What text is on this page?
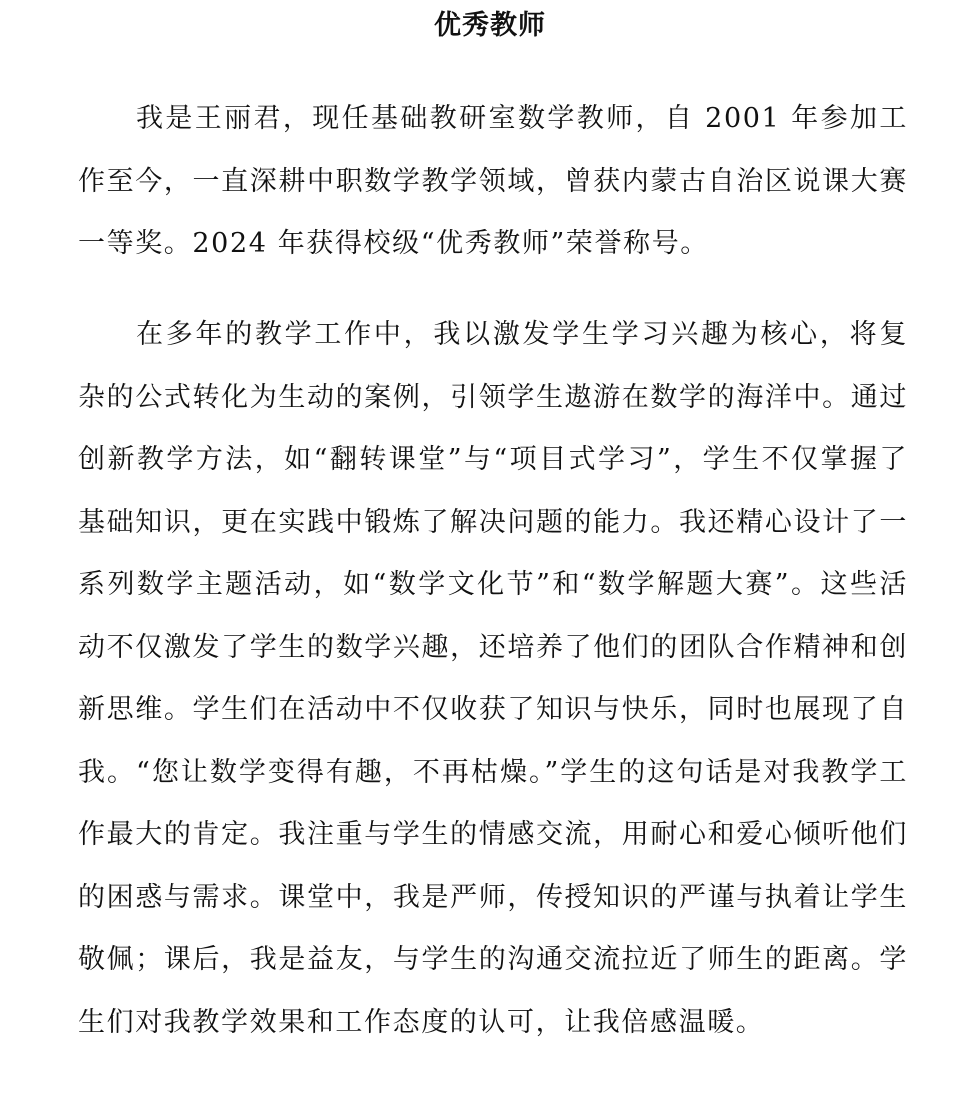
优秀教师

我是王丽君，现任基础教研室数学教师，自 2001 年参加工作至今，一直深耕中职数学教学领域，曾获内蒙古自治区说课大赛一等奖。2024 年获得校级“优秀教师”荣誉称号。

在多年的教学工作中，我以激发学生学习兴趣为核心，将复杂的公式转化为生动的案例，引领学生遨游在数学的海洋中。通过创新教学方法，如“翻转课堂”与“项目式学习”，学生不仅掌握了基础知识，更在实践中锻炼了解决问题的能力。我还精心设计了一系列数学主题活动，如“数学文化节”和“数学解题大赛”。这些活动不仅激发了学生的数学兴趣，还培养了他们的团队合作精神和创新思维。学生们在活动中不仅收获了知识与快乐，同时也展现了自我。“您让数学变得有趣，不再枯燥。”学生的这句话是对我教学工作最大的肯定。我注重与学生的情感交流，用耐心和爱心倾听他们的困惑与需求。课堂中，我是严师，传授知识的严谨与执着让学生敬佩；课后，我是益友，与学生的沟通交流拉近了师生的距离。学生们对我教学效果和工作态度的认可，让我倍感温暖。
